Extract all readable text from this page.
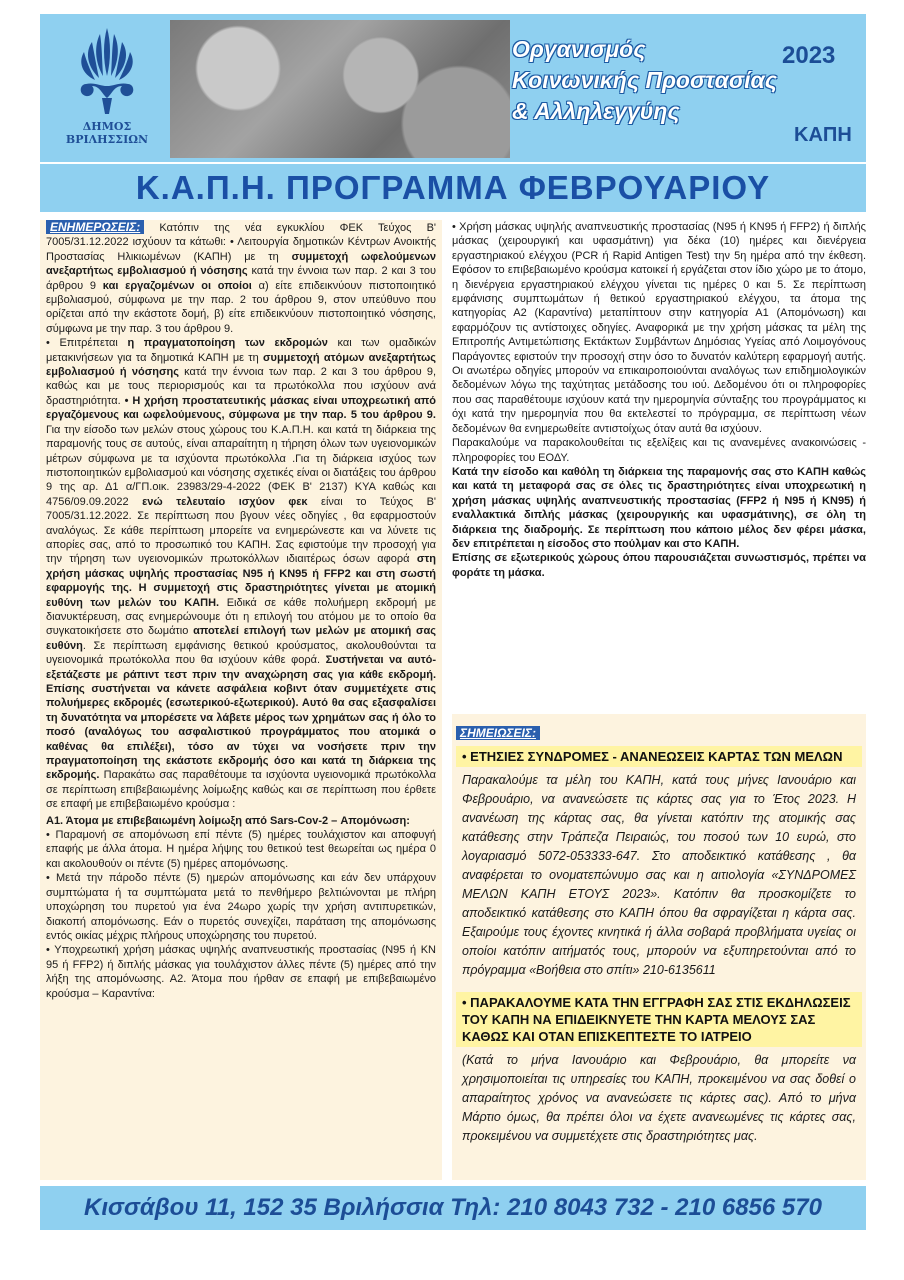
ΔΗΜΟΣ
ΒΡΙΛΗΣΣΙΩΝ
Οργανισμός
Κοινωνικής Προστασίας
& Αλληλεγγύης
2023
ΚΑΠΗ
Κ.Α.Π.Η. ΠΡΟΓΡΑΜΜΑ ΦΕΒΡΟΥΑΡΙΟΥ

ΕΝΗΜΕΡΩΣΕΙΣ: Κατόπιν της νέα εγκυκλίου ΦΕΚ Τεύχος Β' 7005/31.12.2022 ισχύουν τα κάτωθι: • Λειτουργία δημοτικών Κέντρων Ανοικτής Προστασίας Ηλικιωμένων (ΚΑΠΗ) με τη συμμετοχή ωφελούμενων ανεξαρτήτως εμβολιασμού ή νόσησης κατά την έννοια των παρ. 2 και 3 του άρθρου 9 και εργαζομένων οι οποίοι α) είτε επιδεικνύουν πιστοποιητικό εμβολιασμού, σύμφωνα με την παρ. 2 του άρθρου 9, στον υπεύθυνο που ορίζεται από την εκάστοτε δομή, β) είτε επιδεικνύουν πιστοποιητικό νόσησης, σύμφωνα με την παρ. 3 του άρθρου 9.

• Επιτρέπεται η πραγματοποίηση των εκδρομών και των ομαδικών μετακινήσεων για τα δημοτικά ΚΑΠΗ με τη συμμετοχή ατόμων ανεξαρτήτως εμβολιασμού ή νόσησης κατά την έννοια των παρ. 2 και 3 του άρθρου 9, καθώς και με τους περιορισμούς και τα πρωτόκολλα που ισχύουν ανά δραστηριότητα. • Η χρήση προστατευτικής μάσκας είναι υποχρεωτική από εργαζόμενους και ωφελούμενους, σύμφωνα με την παρ. 5 του άρθρου 9. Για την είσοδο των μελών στους χώρους του Κ.Α.Π.Η. και κατά τη διάρκεια της παραμονής τους σε αυτούς, είναι απαραίτητη η τήρηση όλων των υγειονομικών μέτρων σύμφωνα με τα ισχύοντα πρωτόκολλα .Για τη διάρκεια ισχύος των πιστοποιητικών εμβολιασμού και νόσησης σχετικές είναι οι διατάξεις του άρθρου 9 της αρ. Δ1 α/ΓΠ.οικ. 23983/29-4-2022 (ΦΕΚ Β' 2137) ΚΥΑ καθώς και 4756/09.09.2022 ενώ τελευταίο ισχύον φεκ είναι το Τεύχος Β' 7005/31.12.2022. Σε περίπτωση που βγουν νέες οδηγίες , θα εφαρμοστούν αναλόγως. Σε κάθε περίπτωση μπορείτε να ενημερώνεστε και να λύνετε τις απορίες σας, από το προσωπικό του ΚΑΠΗ. Σας εφιστούμε την προσοχή για την τήρηση των υγειονομικών πρωτοκόλλων ιδιαιτέρως όσων αφορά στη χρήση μάσκας υψηλής προστασίας N95 ή KN95 ή FFP2 και στη σωστή εφαρμογής της. Η συμμετοχή στις δραστηριότητες γίνεται με ατομική ευθύνη των μελών του ΚΑΠΗ. Ειδικά σε κάθε πολυήμερη εκδρομή με διανυκτέρευση, σας ενημερώνουμε ότι η επιλογή του ατόμου με το οποίο θα συγκατοικήσετε στο δωμάτιο αποτελεί επιλογή των μελών με ατομική σας ευθύνη. Σε περίπτωση εμφάνισης θετικού κρούσματος, ακολουθούνται τα υγειονομικά πρωτόκολλα που θα ισχύουν κάθε φορά. Συστήνεται να αυτό-εξετάζεστε με ράπιντ τεστ πριν την αναχώρηση σας για κάθε εκδρομή. Επίσης συστήνεται να κάνετε ασφάλεια κοβιντ όταν συμμετέχετε στις πολυήμερες εκδρομές (εσωτερικού-εξωτερικού). Αυτό θα σας εξασφαλίσει τη δυνατότητα να μπορέσετε να λάβετε μέρος των χρημάτων σας ή όλο το ποσό (αναλόγως του ασφαλιστικού προγράμματος που ατομικά ο καθένας θα επιλέξει), τόσο αν τύχει να νοσήσετε πριν την πραγματοποίηση της εκάστοτε εκδρομής όσο και κατά τη διάρκεια της εκδρομής. Παρακάτω σας παραθέτουμε τα ισχύοντα υγειονομικά πρωτόκολλα σε περίπτωση επιβεβαιωμένης λοίμωξης καθώς και σε περίπτωση που έρθετε σε επαφή με επιβεβαιωμένο κρούσμα :

Α1. Άτομα με επιβεβαιωμένη λοίμωξη από Sars-Cov-2 – Απομόνωση:

• Παραμονή σε απομόνωση επί πέντε (5) ημέρες τουλάχιστον και αποφυγή επαφής με άλλα άτομα. Η ημέρα λήψης του θετικού test θεωρείται ως ημέρα 0 και ακολουθούν οι πέντε (5) ημέρες απομόνωσης.

• Μετά την πάροδο πέντε (5) ημερών απομόνωσης και εάν δεν υπάρχουν συμπτώματα ή τα συμπτώματα μετά το πενθήμερο βελτιώνονται με πλήρη υποχώρηση του πυρετού για ένα 24ωρο χωρίς την χρήση αντιπυρετικών, διακοπή απομόνωσης. Εάν ο πυρετός συνεχίζει, παράταση της απομόνωσης εντός οικίας μέχρις πλήρους υποχώρησης του πυρετού.

• Υποχρεωτική χρήση μάσκας υψηλής αναπνευστικής προστασίας (N95 ή KN 95 ή FFP2) ή διπλής μάσκας για τουλάχιστον άλλες πέντε (5) ημέρες από την λήξη της απομόνωσης. Α2. Άτομα που ήρθαν σε επαφή με επιβεβαιωμένο κρούσμα – Καραντίνα:

• Χρήση μάσκας υψηλής αναπνευστικής προστασίας (N95 ή KN95 ή FFP2) ή διπλής μάσκας (χειρουργική και υφασμάτινη) για δέκα (10) ημέρες και διενέργεια εργαστηριακού ελέγχου (PCR ή Rapid Antigen Test) την 5η ημέρα από την έκθεση. Εφόσον το επιβεβαιωμένο κρούσμα κατοικεί ή εργάζεται στον ίδιο χώρο με το άτομο, η διενέργεια εργαστηριακού ελέγχου γίνεται τις ημέρες 0 και 5. Σε περίπτωση εμφάνισης συμπτωμάτων ή θετικού εργαστηριακού ελέγχου, τα άτομα της κατηγορίας Α2 (Καραντίνα) μεταπίπτουν στην κατηγορία Α1 (Απομόνωση) και εφαρμόζουν τις αντίστοιχες οδηγίες. Αναφορικά με την χρήση μάσκας τα μέλη της Επιτροπής Αντιμετώπισης Εκτάκτων Συμβάντων Δημόσιας Υγείας από Λοιμογόνους Παράγοντες εφιστούν την προσοχή στην όσο το δυνατόν καλύτερη εφαρμογή αυτής. Οι ανωτέρω οδηγίες μπορούν να επικαιροποιούνται αναλόγως των επιδημιολογικών δεδομένων λόγω της ταχύτητας μετάδοσης του ιού. Δεδομένου ότι οι πληροφορίες που σας παραθέτουμε ισχύουν κατά την ημερομηνία σύνταξης του προγράμματος κι όχι κατά την ημερομηνία που θα εκτελεστεί το πρόγραμμα, σε περίπτωση νέων δεδομένων θα ενημερωθείτε αντιστοίχως όταν αυτά θα ισχύουν.

Παρακαλούμε να παρακολουθείται τις εξελίξεις και τις ανανεμένες ανακοινώσεις - πληροφορίες του ΕΟΔΥ.

Κατά την είσοδο και καθόλη τη διάρκεια της παραμονής σας στο ΚΑΠΗ καθώς και κατά τη μεταφορά σας σε όλες τις δραστηριότητες είναι υποχρεωτική η χρήση μάσκας υψηλής αναπνευστικής προστασίας (FFP2 ή N95 ή KN95) ή εναλλακτικά διπλής μάσκας (χειρουργικής και υφασμάτινης), σε όλη τη διάρκεια της διαδρομής. Σε περίπτωση που κάποιο μέλος δεν φέρει μάσκα, δεν επιτρέπεται η είσοδος στο πούλμαν και στο ΚΑΠΗ.

Επίσης σε εξωτερικούς χώρους όπου παρουσιάζεται συνωστισμός, πρέπει να φοράτε τη μάσκα.

ΣΗΜΕΙΩΣΕΙΣ:
• ΕΤΗΣΙΕΣ ΣΥΝΔΡΟΜΕΣ - ΑΝΑΝΕΩΣΕΙΣ ΚΑΡΤΑΣ ΤΩΝ ΜΕΛΩΝ
Παρακαλούμε τα μέλη του ΚΑΠΗ, κατά τους μήνες Ιανουάριο και Φεβρουάριο, να ανανεώσετε τις κάρτες σας για το Έτος 2023. Η ανανέωση της κάρτας σας, θα γίνεται κατόπιν της ατομικής σας κατάθεσης στην Τράπεζα Πειραιώς, του ποσού των 10 ευρώ, στο λογαριασμό 5072-053333-647. Στο αποδεικτικό κατάθεσης , θα αναφέρεται το ονοματεπώνυμο σας και η αιτιολογία «ΣΥΝΔΡΟΜΕΣ ΜΕΛΩΝ ΚΑΠΗ ΕΤΟΥΣ 2023». Κατόπιν θα προσκομίζετε το αποδεικτικό κατάθεσης στο ΚΑΠΗ όπου θα σφραγίζεται η κάρτα σας. Εξαιρούμε τους έχοντες κινητικά ή άλλα σοβαρά προβλήματα υγείας οι οποίοι κατόπιν αιτήματός τους, μπορούν να εξυπηρετούνται από το πρόγραμμα «Βοήθεια στο σπίτι» 210-6135611
• ΠΑΡΑΚΑΛΟΥΜΕ ΚΑΤΑ ΤΗΝ ΕΓΓΡΑΦΗ ΣΑΣ ΣΤΙΣ ΕΚΔΗΛΩΣΕΙΣ ΤΟΥ ΚΑΠΗ ΝΑ ΕΠΙΔΕΙΚΝΥΕΤΕ ΤΗΝ ΚΑΡΤΑ ΜΕΛΟΥΣ ΣΑΣ ΚΑΘΩΣ ΚΑΙ ΟΤΑΝ ΕΠΙΣΚΕΠΤΕΣΤΕ ΤΟ ΙΑΤΡΕΙΟ
(Κατά το μήνα Ιανουάριο και Φεβρουάριο, θα μπορείτε να χρησιμοποιείται τις υπηρεσίες του ΚΑΠΗ, προκειμένου να σας δοθεί ο απαραίτητος χρόνος να ανανεώσετε τις κάρτες σας). Από το μήνα Μάρτιο όμως, θα πρέπει όλοι να έχετε ανανεωμένες τις κάρτες σας, προκειμένου να συμμετέχετε στις δραστηριότητες μας.
Κισσάβου 11, 152 35 Βριλήσσια Τηλ: 210 8043 732 - 210 6856 570
